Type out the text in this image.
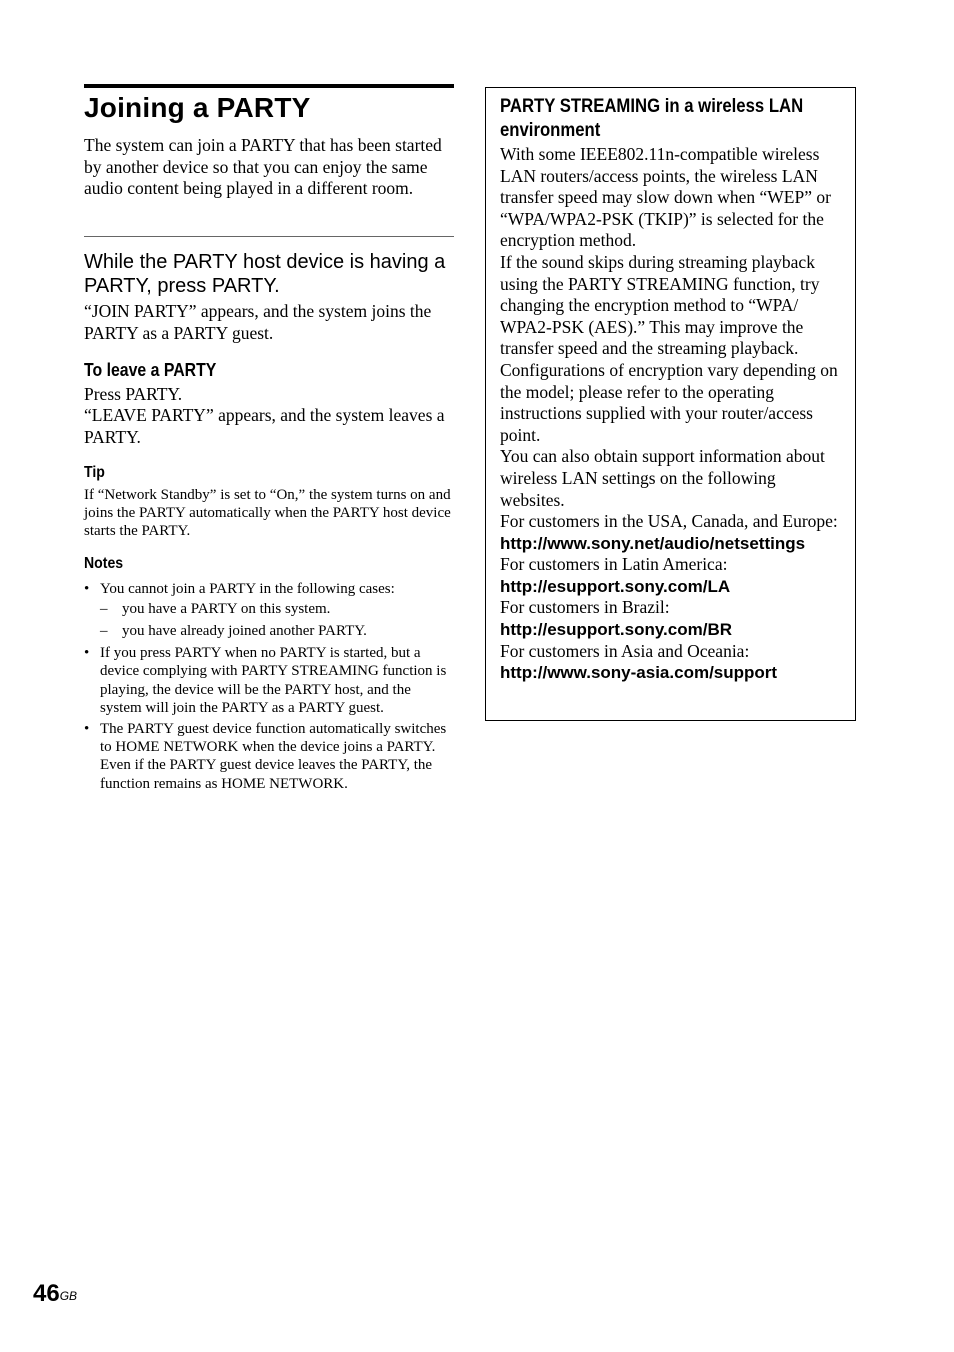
Joining a PARTY

The system can join a PARTY that has been started by another device so that you can enjoy the same audio content being played in a different room.

While the PARTY host device is having a PARTY, press PARTY.

“JOIN PARTY” appears, and the system joins the PARTY as a PARTY guest.

To leave a PARTY

Press PARTY.

“LEAVE PARTY” appears, and the system leaves a PARTY.

Tip

If “Network Standby” is set to “On,” the system turns on and joins the PARTY automatically when the PARTY host device starts the PARTY.

Notes
• You cannot join a PARTY in the following cases:
– you have a PARTY on this system.
– you have already joined another PARTY.
• If you press PARTY when no PARTY is started, but a device complying with PARTY STREAMING function is playing, the device will be the PARTY host, and the system will join the PARTY as a PARTY guest.
• The PARTY guest device function automatically switches to HOME NETWORK when the device joins a PARTY. Even if the PARTY guest device leaves the PARTY, the function remains as HOME NETWORK.
PARTY STREAMING in a wireless LAN environment

With some IEEE802.11n-compatible wireless LAN routers/access points, the wireless LAN transfer speed may slow down when “WEP” or “WPA/WPA2-PSK (TKIP)” is selected for the encryption method.

If the sound skips during streaming playback using the PARTY STREAMING function, try changing the encryption method to “WPA/ WPA2-PSK (AES).” This may improve the transfer speed and the streaming playback. Configurations of encryption vary depending on the model; please refer to the operating instructions supplied with your router/access point.

You can also obtain support information about wireless LAN settings on the following websites.

For customers in the USA, Canada, and Europe:

http://www.sony.net/audio/netsettings

For customers in Latin America:

http://esupport.sony.com/LA

For customers in Brazil:

http://esupport.sony.com/BR

For customers in Asia and Oceania:

http://www.sony-asia.com/support

$46^{GB}$
